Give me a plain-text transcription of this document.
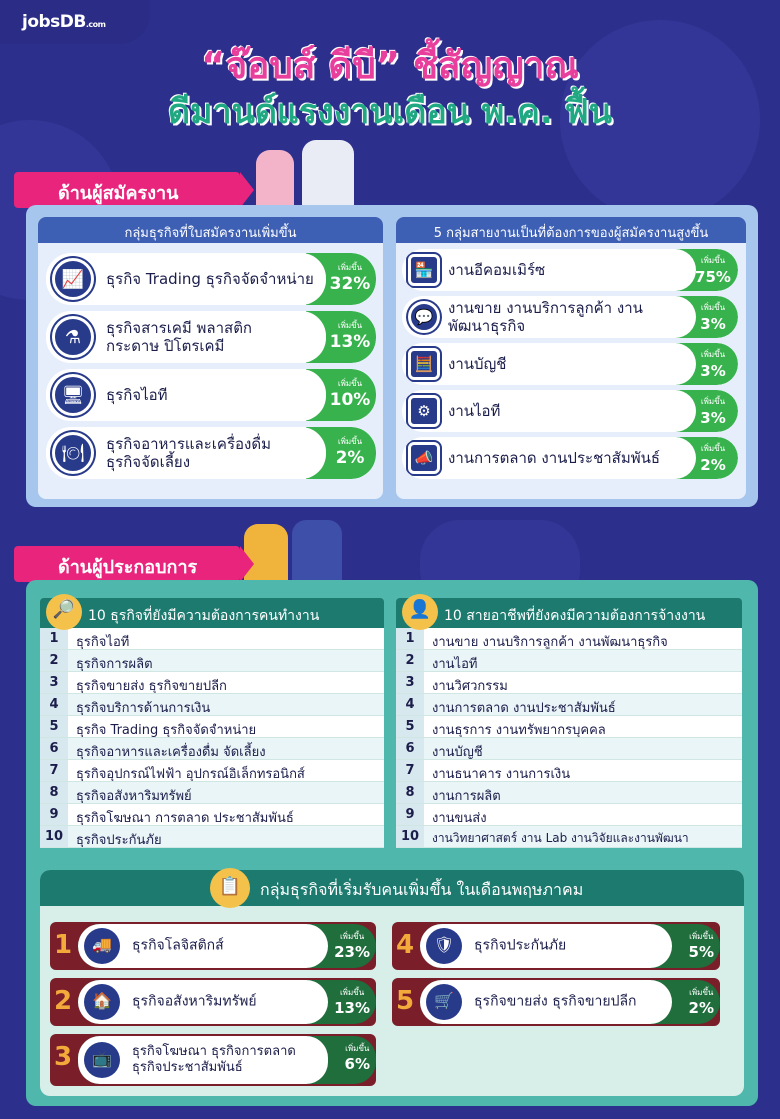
jobsDB.com
“จ๊อบส์ ดีบี” ชี้สัญญาณ
ดีมานด์แรงงานเดือน พ.ค. ฟื้น
ด้านผู้สมัครงาน
กลุ่มธุรกิจที่ใบสมัครงานเพิ่มขึ้น
📈	ธุรกิจ Trading ธุรกิจจัดจำหน่าย
เพิ่มขึ้น
32%
⚗	ธุรกิจสารเคมี พลาสติก กระดาษ ปิโตรเคมี
เพิ่มขึ้น
13%
🖥	ธุรกิจไอที
เพิ่มขึ้น
10%
🍽	ธุรกิจอาหารและเครื่องดื่ม ธุรกิจจัดเลี้ยง
เพิ่มขึ้น
2%
5 กลุ่มสายงานเป็นที่ต้องการของผู้สมัครงานสูงขึ้น
🏪 งานอีคอมเมิร์ซ
เพิ่มขึ้น
75%
💬 งานขาย งานบริการลูกค้า งานพัฒนาธุรกิจ
เพิ่มขึ้น
3%
🧮 งานบัญชี
เพิ่มขึ้น
3%
⚙	งานไอที
เพิ่มขึ้น
3%
📣 งานการตลาด งานประชาสัมพันธ์
เพิ่มขึ้น
2%
ด้านผู้ประกอบการ
🔎 10 ธุรกิจที่ยังมีความต้องการคนทำงาน
1	ธุรกิจไอที
2	ธุรกิจการผลิต
3	ธุรกิจขายส่ง ธุรกิจขายปลีก
4	ธุรกิจบริการด้านการเงิน
5	ธุรกิจ Trading ธุรกิจจัดจำหน่าย
6	ธุรกิจอาหารและเครื่องดื่ม จัดเลี้ยง
7	ธุรกิจอุปกรณ์ไฟฟ้า อุปกรณ์อิเล็กทรอนิกส์
8	ธุรกิจอสังหาริมทรัพย์
9	ธุรกิจโฆษณา การตลาด ประชาสัมพันธ์
10 ธุรกิจประกันภัย
👤 10 สายอาชีพที่ยังคงมีความต้องการจ้างงาน
1	งานขาย งานบริการลูกค้า งานพัฒนาธุรกิจ
2	งานไอที
3	งานวิศวกรรม
4	งานการตลาด งานประชาสัมพันธ์
5	งานธุรการ งานทรัพยากรบุคคล
6	งานบัญชี
7	งานธนาคาร งานการเงิน
8	งานการผลิต
9	งานขนส่ง
10	งานวิทยาศาสตร์ งาน Lab งานวิจัยและงานพัฒนา
📋	กลุ่มธุรกิจที่เริ่มรับคนเพิ่มขึ้น ในเดือนพฤษภาคม
1	🚚	ธุรกิจโลจิสติกส์
เพิ่มขึ้น
23%
2	🏠	ธุรกิจอสังหาริมทรัพย์
เพิ่มขึ้น
13%
3	📺	ธุรกิจโฆษณา ธุรกิจการตลาด ธุรกิจประชาสัมพันธ์
เพิ่มขึ้น
6%
4	🛡	ธุรกิจประกันภัย
เพิ่มขึ้น
5%
5	🛒	ธุรกิจขายส่ง ธุรกิจขายปลีก
เพิ่มขึ้น
2%
